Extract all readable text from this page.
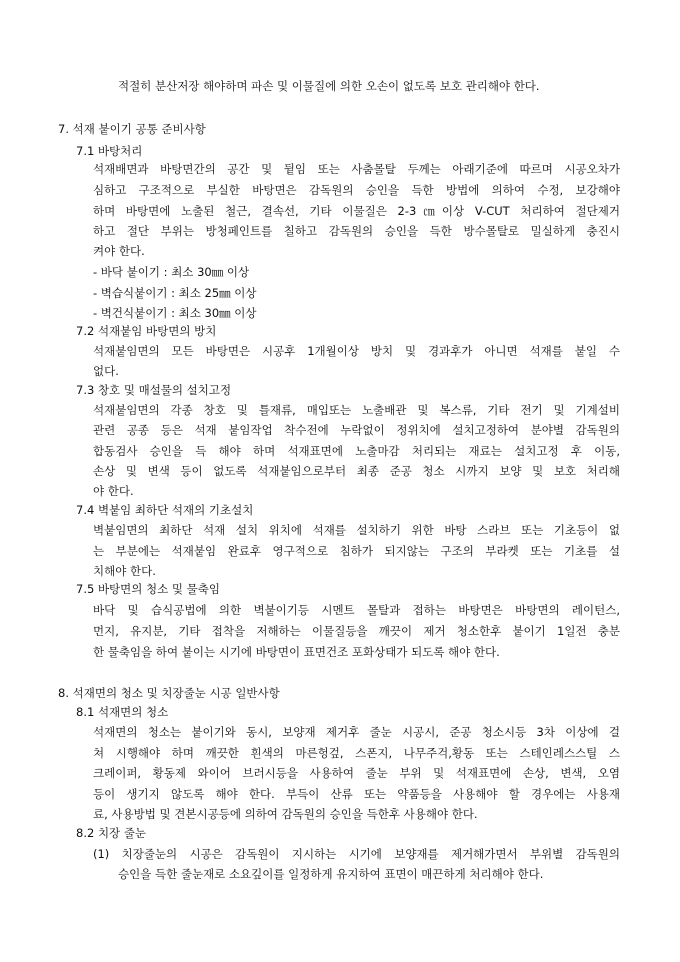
적절히 분산저장 해야하며 파손 및 이물질에 의한 오손이 없도록 보호 관리해야 한다.
7. 석재 붙이기 공통 준비사항
7.1 바탕처리
석재배면과 바탕면간의 공간 및 뒽임 또는 사춤몰탈 두께는 아래기준에 따르며 시공오차가
심하고 구조적으로 부실한 바탕면은 감독원의 승인을 득한 방법에 의하여 수정, 보강해야
하며 바탕면에 노출된 철근, 결속선, 기타 이물질은 2-3㎝이상 V-CUT 처리하여 절단제거
하고 절단 부위는 방청페인트를 칠하고 감독원의 승인을 득한 방수몰탈로 밀실하게 충진시
켜야 한다.
- 바닥 붙이기 : 최소 30㎜ 이상
- 벽습식붙이기 : 최소 25㎜ 이상
- 벽건식붙이기 : 최소 30㎜ 이상
7.2 석재붙임 바탕면의 방치
석재붙임면의 모든 바탕면은 시공후 1개월이상 방치 및 경과후가 아니면 석재를 붙일 수
없다.
7.3 창호 및 매설물의 설치고정
석재붙임면의 각종 창호 및 틀재류, 매입또는 노출배관 및 복스류, 기타 전기 및 기계설비
관련 공종 등은 석재 붙임작업 착수전에 누락없이 정위치에 설치고정하여 분야별 감독원의
합동검사 승인을 득 해야 하며 석재표면에 노출마감 처리되는 재료는 설치고정 후 이동,
손상 및 변색 등이 없도록 석재붙임으로부터 최종 준공 청소 시까지 보양 및 보호 처리해
야 한다.
7.4 벽붙임 최하단 석재의 기초설치
벽붙임면의 최하단 석재 설치 위치에 석재를 설치하기 위한 바탕 스라브 또는 기초등이 없
는 부분에는 석재붙임 완료후 영구적으로 침하가 되지않는 구조의 부라켓 또는 기초를 설
치해야 한다.
7.5 바탕면의 청소 및 물축임
바닥 및 습식공법에 의한 벽붙이기등 시멘트 몰탈과 접하는 바탕면은 바탕면의 레이턴스,
먼지, 유지분, 기타 접착을 저해하는 이물질등을 깨끗이 제거 청소한후 붙이기 1일전 충분
한 물축임을 하여 붙이는 시기에 바탕면이 표면건조 포화상태가 되도록 해야 한다.
8. 석재면의 청소 및 치장줄눈 시공 일반사항
8.1 석재면의 청소
석재면의 청소는 붙이기와 동시, 보양재 제거후 줄눈 시공시, 준공 청소시등 3차 이상에 걸
쳐 시행해야 하며 깨끗한 흰색의 마른헝겊, 스폰지, 나무주걱,황동 또는 스테인레스스틸 스
크레이퍼, 황동제 와이어 브러시등을 사용하여 줄눈 부위 및 석재표면에 손상, 변색, 오염
등이 생기지 않도록 해야 한다. 부득이 산류 또는 약품등을 사용해야 할 경우에는 사용재
료, 사용방법 및 견본시공등에 의하여 감독원의 승인을 득한후 사용해야 한다.
8.2 치장 줄눈
(1) 치장줄눈의 시공은 감독원이 지시하는 시기에 보양재를 제거해가면서 부위별 감독원의
승인을 득한 줄눈재로 소요깊이를 일정하게 유지하여 표면이 매끈하게 처리해야 한다.
